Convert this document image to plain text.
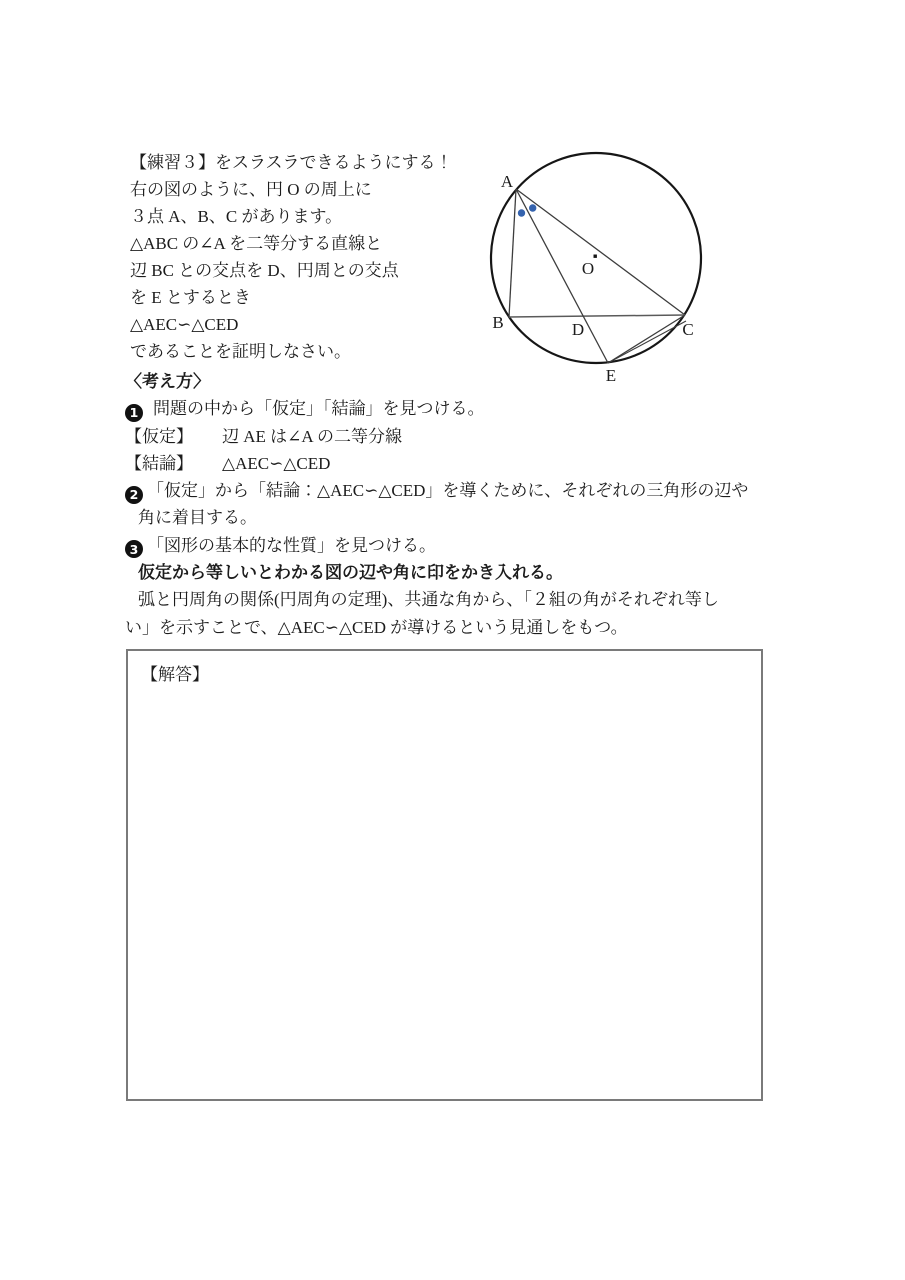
【練習３】をスラスラできるようにする！
右の図のように、円 O の周上に
３点 A、B、C があります。
△ABC の∠A を二等分する直線と
辺 BC との交点を D、円周との交点
を E とするとき
△AEC∽△CED
であることを証明しなさい。
A
B	C
D
E
O
〈考え方〉
1 問題の中から「仮定」「結論」を見つける。
【仮定】 辺 AE は∠A の二等分線
【結論】 △AEC∽△CED
2 「仮定」から「結論：△AEC∽△CED」を導くために、それぞれの三角形の辺や
角に着目する。
3 「図形の基本的な性質」を見つける。
仮定から等しいとわかる図の辺や角に印をかき入れる。
弧と円周角の関係(円周角の定理)、共通な角から、「２組の角がそれぞれ等し
い」を示すことで、△AEC∽△CED が導けるという見通しをもつ。
【解答】
